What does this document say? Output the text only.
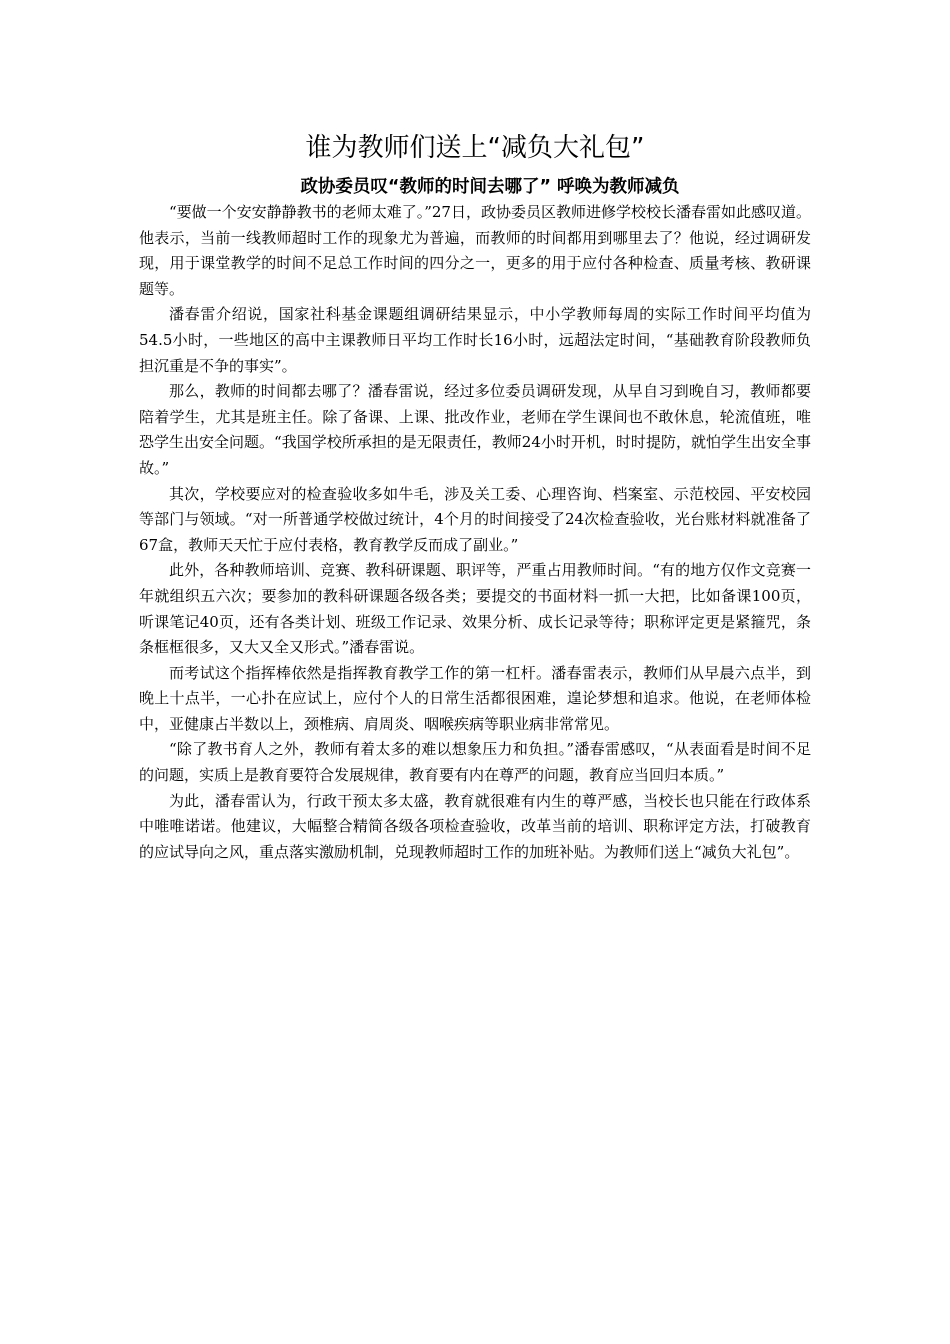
谁为教师们送上“减负大礼包”
政协委员叹“教师的时间去哪了” 呼唤为教师减负

“要做一个安安静静教书的老师太难了。”27日，政协委员区教师进修学校校长潘春雷如此感叹道。他表示，当前一线教师超时工作的现象尤为普遍，而教师的时间都用到哪里去了？他说，经过调研发现，用于课堂教学的时间不足总工作时间的四分之一，更多的用于应付各种检查、质量考核、教研课题等。

潘春雷介绍说，国家社科基金课题组调研结果显示，中小学教师每周的实际工作时间平均值为54.5小时，一些地区的高中主课教师日平均工作时长16小时，远超法定时间，“基础教育阶段教师负担沉重是不争的事实”。

那么，教师的时间都去哪了？潘春雷说，经过多位委员调研发现，从早自习到晚自习，教师都要陪着学生，尤其是班主任。除了备课、上课、批改作业，老师在学生课间也不敢休息，轮流值班，唯恐学生出安全问题。“我国学校所承担的是无限责任，教师24小时开机，时时提防，就怕学生出安全事故。”

其次，学校要应对的检查验收多如牛毛，涉及关工委、心理咨询、档案室、示范校园、平安校园等部门与领域。“对一所普通学校做过统计，4个月的时间接受了24次检查验收，光台账材料就准备了67盒，教师天天忙于应付表格，教育教学反而成了副业。”

此外，各种教师培训、竞赛、教科研课题、职评等，严重占用教师时间。“有的地方仅作文竞赛一年就组织五六次；要参加的教科研课题各级各类；要提交的书面材料一抓一大把，比如备课100页，听课笔记40页，还有各类计划、班级工作记录、效果分析、成长记录等待；职称评定更是紧箍咒，条条框框很多，又大又全又形式。”潘春雷说。

而考试这个指挥棒依然是指挥教育教学工作的第一杠杆。潘春雷表示，教师们从早晨六点半，到晚上十点半，一心扑在应试上，应付个人的日常生活都很困难，遑论梦想和追求。他说，在老师体检中，亚健康占半数以上，颈椎病、肩周炎、咽喉疾病等职业病非常常见。

“除了教书育人之外，教师有着太多的难以想象压力和负担。”潘春雷感叹，“从表面看是时间不足的问题，实质上是教育要符合发展规律，教育要有内在尊严的问题，教育应当回归本质。”

为此，潘春雷认为，行政干预太多太盛，教育就很难有内生的尊严感，当校长也只能在行政体系中唯唯诺诺。他建议，大幅整合精简各级各项检查验收，改革当前的培训、职称评定方法，打破教育的应试导向之风，重点落实激励机制，兑现教师超时工作的加班补贴。为教师们送上“减负大礼包”。
